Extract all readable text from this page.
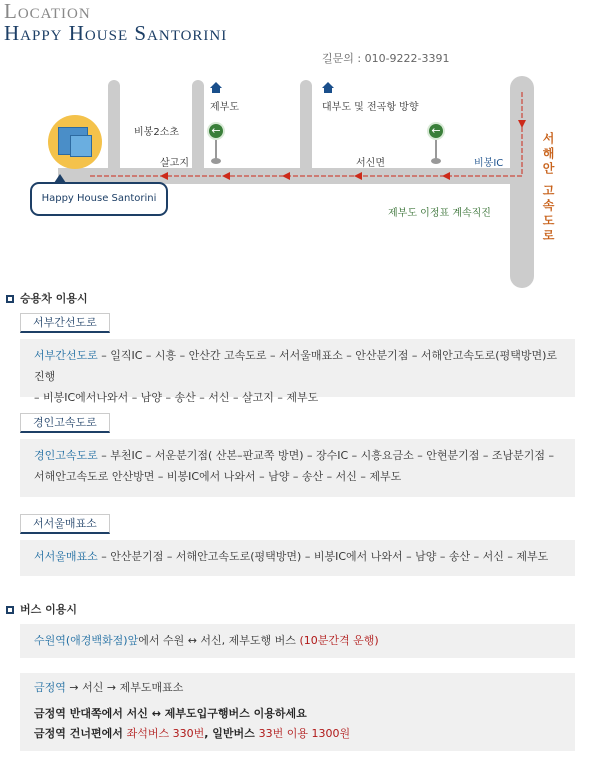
Location
Happy House Santorini
길문의 : 010-9222-3391
Happy House Santorini
비봉2소초
살고지
제부도
←
대부도 및 전곡항 방향
서신면
←
비봉IC
제부도 이정표 계속직진	서해안 고속도로
승용차 이용시
서부간선도로
서부간선도로 – 일직IC – 시흥 – 안산간 고속도로 – 서서울매표소 – 안산분기점 – 서해안고속도로(평택방면)로 진행
– 비봉IC에서나와서 – 남양 – 송산 – 서신 – 살고지 – 제부도
경인고속도로
경인고속도로 – 부천IC – 서운분기점( 산본–판교쪽 방면) – 장수IC – 시흥요금소 – 안현분기점 – 조남분기점 –
서해안고속도로 안산방면 – 비봉IC에서 나와서 – 남양 – 송산 – 서신 – 제부도
서서울매표소
서서울매표소 – 안산분기점 – 서해안고속도로(평택방면) – 비봉IC에서 나와서 – 남양 – 송산 – 서신 – 제부도
버스 이용시
수원역(애경백화점)앞에서 수원 ↔ 서신, 제부도행 버스 (10분간격 운행)
금정역 → 서신 → 제부도매표소
금정역 반대쪽에서 서신 ↔ 제부도입구행버스 이용하세요
금정역 건너편에서 좌석버스 330번, 일반버스 33번 이용 1300원
